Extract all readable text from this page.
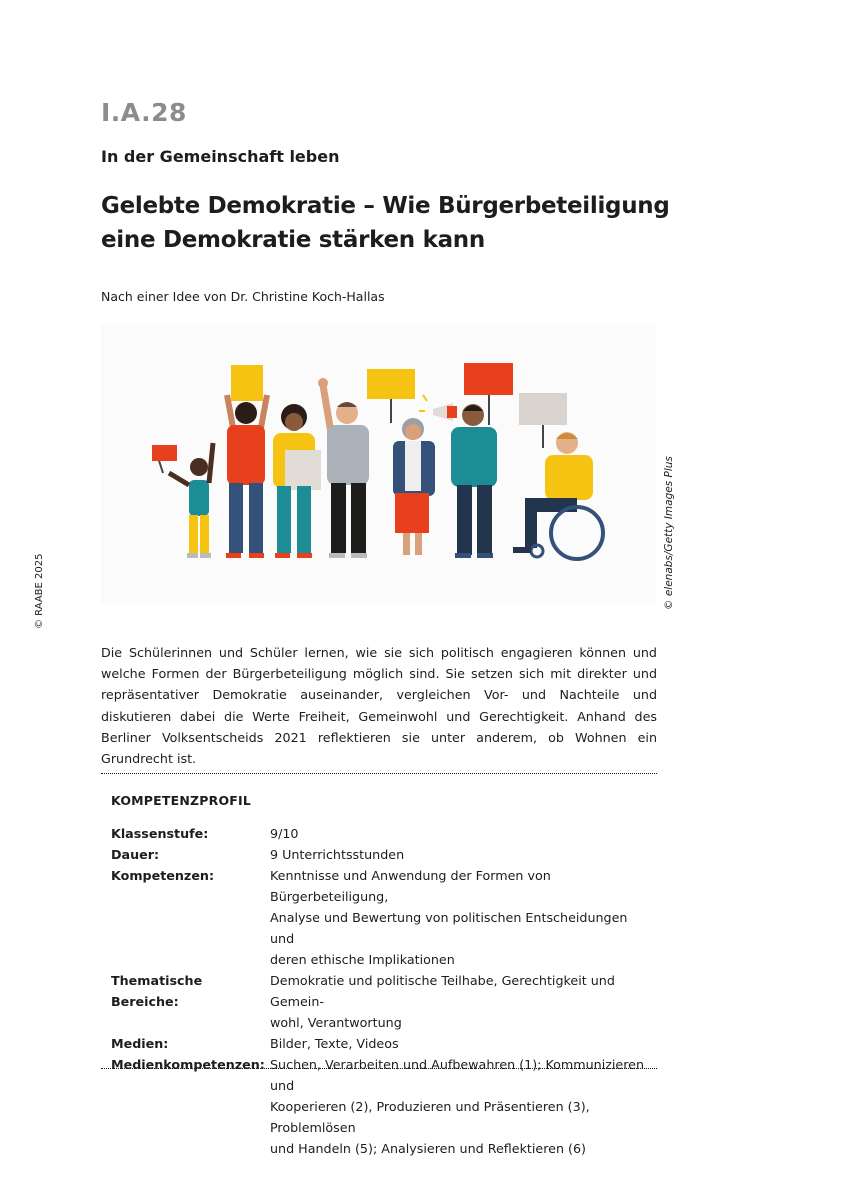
I.A.28
In der Gemeinschaft leben
Gelebte Demokratie – Wie Bürgerbeteiligung eine Demokratie stärken kann
Nach einer Idee von Dr. Christine Koch-Hallas
© elenabs/Getty Images Plus
© RAABE 2025
Die Schülerinnen und Schüler lernen, wie sie sich politisch engagieren können und welche Formen der Bürgerbeteiligung möglich sind. Sie setzen sich mit direkter und repräsentativer Demokratie auseinander, vergleichen Vor- und Nachteile und diskutieren dabei die Werte Freiheit, Gemeinwohl und Gerechtigkeit. Anhand des Berliner Volksentscheids 2021 reflektieren sie unter anderem, ob Wohnen ein Grundrecht ist.
KOMPETENZPROFIL
Klassenstufe:	9/10
Dauer:	9 Unterrichtsstunden
Kompetenzen:	Kenntnisse und Anwendung der Formen von Bürgerbeteiligung,
Analyse und Bewertung von politischen Entscheidungen und
deren ethische Implikationen
Thematische Bereiche:
Demokratie und politische Teilhabe, Gerechtigkeit und Gemein-
wohl, Verantwortung
Medien:	Bilder, Texte, Videos
Medienkompetenzen: Suchen, Verarbeiten und Aufbewahren (1); Kommunizieren und
Kooperieren (2), Produzieren und Präsentieren (3), Problemlösen
und Handeln (5); Analysieren und Reflektieren (6)
